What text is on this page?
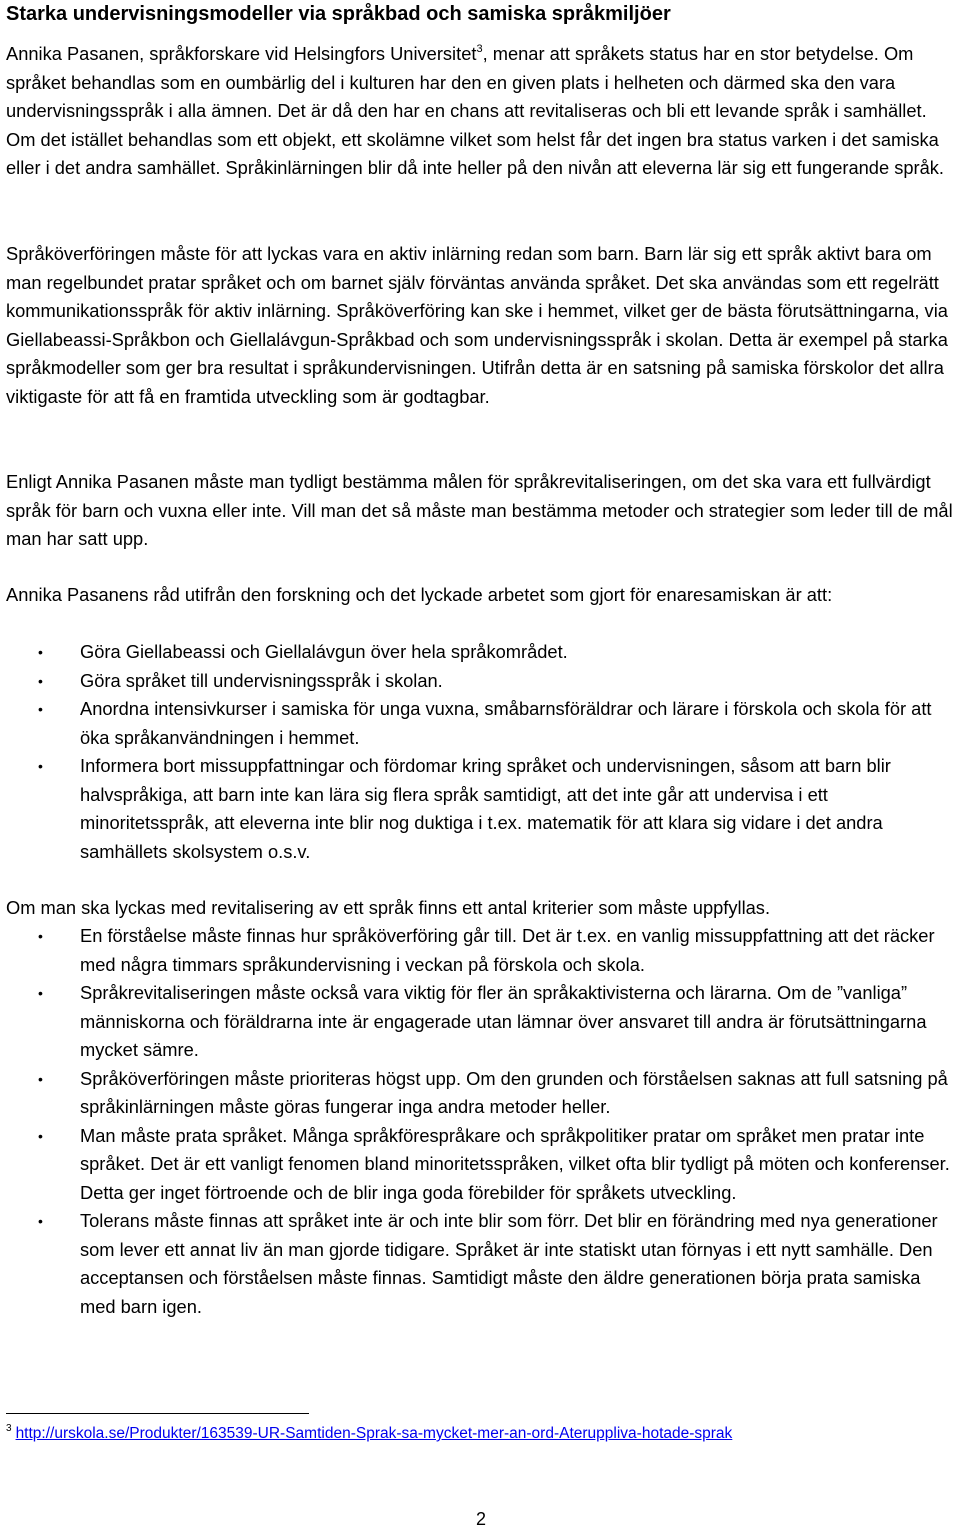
Starka undervisningsmodeller via språkbad och samiska språkmiljöer

Annika Pasanen, språkforskare vid Helsingfors Universitet$^3$, menar att språkets status har en stor betydelse. Om språket behandlas som en oumbärlig del i kulturen har den en given plats i helheten och därmed ska den vara undervisningsspråk i alla ämnen. Det är då den har en chans att revitaliseras och bli ett levande språk i samhället. Om det istället behandlas som ett objekt, ett skolämne vilket som helst får det ingen bra status varken i det samiska eller i det andra samhället. Språkinlärningen blir då inte heller på den nivån att eleverna lär sig ett fungerande språk.

Språköverföringen måste för att lyckas vara en aktiv inlärning redan som barn. Barn lär sig ett språk aktivt bara om man regelbundet pratar språket och om barnet själv förväntas använda språket. Det ska användas som ett regelrätt kommunikationsspråk för aktiv inlärning. Språköverföring kan ske i hemmet, vilket ger de bästa förutsättningarna, via Giellabeassi-Språkbon och Giellalávgun-Språkbad och som undervisningsspråk i skolan. Detta är exempel på starka språkmodeller som ger bra resultat i språkundervisningen. Utifrån detta är en satsning på samiska förskolor det allra viktigaste för att få en framtida utveckling som är godtagbar.

Enligt Annika Pasanen måste man tydligt bestämma målen för språkrevitaliseringen, om det ska vara ett fullvärdigt språk för barn och vuxna eller inte. Vill man det så måste man bestämma metoder och strategier som leder till de mål man har satt upp.

Annika Pasanens råd utifrån den forskning och det lyckade arbetet som gjort för enaresamiskan är att:

• Göra Giellabeassi och Giellalávgun över hela språkområdet.
• Göra språket till undervisningsspråk i skolan.
• Anordna intensivkurser i samiska för unga vuxna, småbarnsföräldrar och lärare i förskola och skola för att öka språkanvändningen i hemmet.
• Informera bort missuppfattningar och fördomar kring språket och undervisningen, såsom att barn blir halvspråkiga, att barn inte kan lära sig flera språk samtidigt, att det inte går att undervisa i ett minoritetsspråk, att eleverna inte blir nog duktiga i t.ex. matematik för att klara sig vidare i det andra samhällets skolsystem o.s.v.

Om man ska lyckas med revitalisering av ett språk finns ett antal kriterier som måste uppfyllas.

• En förståelse måste finnas hur språköverföring går till. Det är t.ex. en vanlig missuppfattning att det räcker med några timmars språkundervisning i veckan på förskola och skola.
• Språkrevitaliseringen måste också vara viktig för fler än språkaktivisterna och lärarna. Om de ”vanliga” människorna och föräldrarna inte är engagerade utan lämnar över ansvaret till andra är förutsättningarna mycket sämre.
• Språköverföringen måste prioriteras högst upp. Om den grunden och förståelsen saknas att full satsning på språkinlärningen måste göras fungerar inga andra metoder heller.
• Man måste prata språket. Många språkförespråkare och språkpolitiker pratar om språket men pratar inte språket. Det är ett vanligt fenomen bland minoritetsspråken, vilket ofta blir tydligt på möten och konferenser. Detta ger inget förtroende och de blir inga goda förebilder för språkets utveckling.
• Tolerans måste finnas att språket inte är och inte blir som förr. Det blir en förändring med nya generationer som lever ett annat liv än man gjorde tidigare. Språket är inte statiskt utan förnyas i ett nytt samhälle. Den acceptansen och förståelsen måste finnas. Samtidigt måste den äldre generationen börja prata samiska med barn igen.
$^3$ http://urskola.se/Produkter/163539-UR-Samtiden-Sprak-sa-mycket-mer-an-ord-Aterupplivа-hotade-sprak
2
